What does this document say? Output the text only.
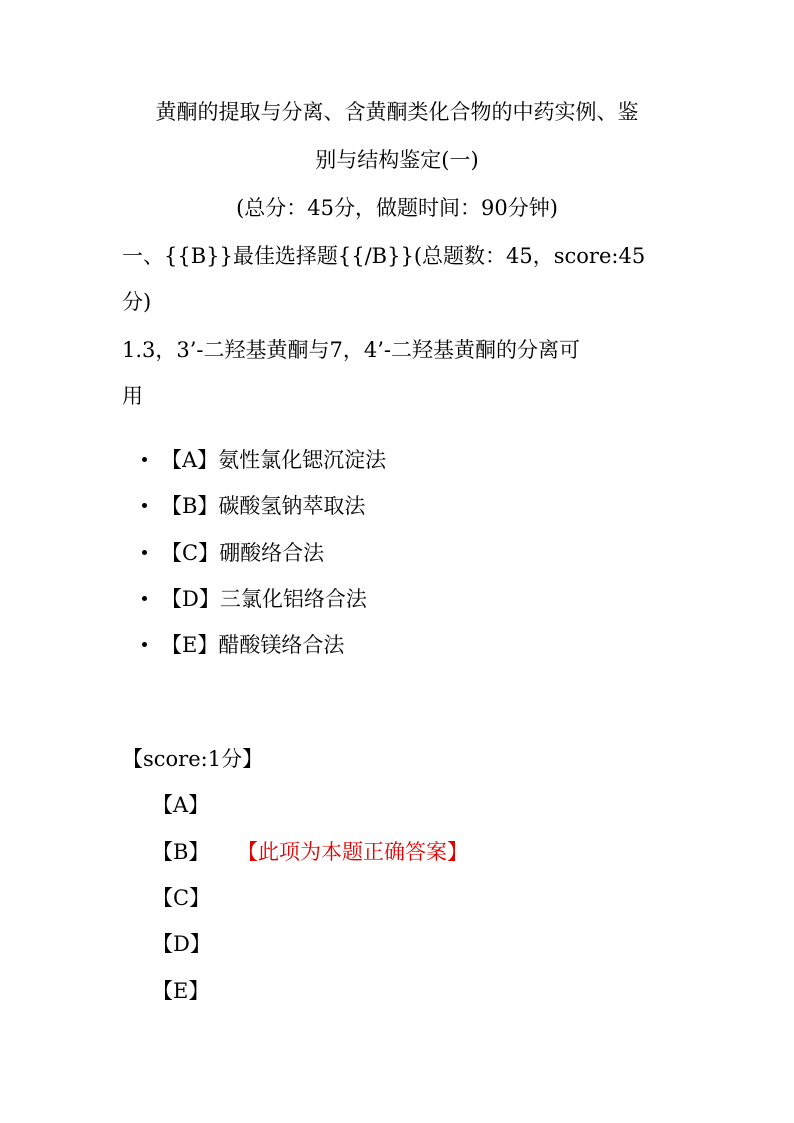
黄酮的提取与分离、含黄酮类化合物的中药实例、鉴
别与结构鉴定(一)
(总分：45分，做题时间：90分钟)
一、{{B}}最佳选择题{{/B}}(总题数：45，score:45
分)
1.3，3’-二羟基黄酮与7，4’-二羟基黄酮的分离可
用
【A】氨性氯化锶沉淀法
【B】碳酸氢钠萃取法
【C】硼酸络合法
【D】三氯化铝络合法
【E】醋酸镁络合法
【score:1分】
【A】
【B】 【此项为本题正确答案】
【C】
【D】
【E】
